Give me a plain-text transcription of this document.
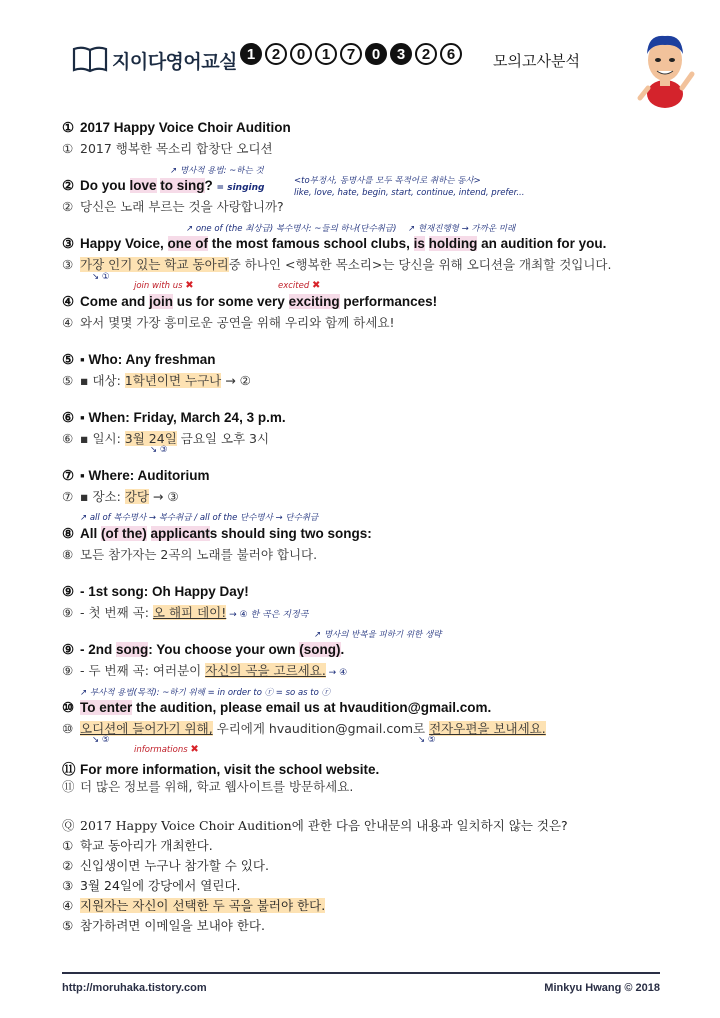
지이다영어교실 1	2	0	1	7	0	3	2	6	모의고사분석
① 2017 Happy Voice Choir Audition
① 2017 행복한 목소리 합창단 오디션
↗ 명사적 용법: ~하는 것
<to부정사, 동명사를 모두 목적어로 취하는 동사>
like, love, hate, begin, start, continue, intend, prefer...
② Do you love to sing? = singing
② 당신은 노래 부르는 것을 사랑합니까?
↗ one of (the 최상급) 복수명사: ~들의 하나(단수취급) ↗ 현재진행형 → 가까운 미래
③ Happy Voice, one of the most famous school clubs, is holding an audition for you.
③ 가장 인기 있는 학교 동아리중 하나인 <행복한 목소리>는 당신을 위해 오디션을 개최할 것입니다.
↘ ①
join with us ✖	excited ✖
④ Come and join us for some very exciting performances!
④ 와서 몇몇 가장 흥미로운 공연을 위해 우리와 함께 하세요!
⑤ ▪ Who: Any freshman
⑤ ▪ 대상: 1학년이면 누구나 → ②
⑥ ▪ When: Friday, March 24, 3 p.m.
⑥ ▪ 일시: 3월 24일 금요일 오후 3시
↘ ③
⑦ ▪ Where: Auditorium
⑦ ▪ 장소: 강당 → ③
↗ all of 복수명사 → 복수취급 / all of the 단수명사 → 단수취급
⑧ All (of the) applicants should sing two songs:
⑧ 모든 참가자는 2곡의 노래를 불러야 합니다.
⑨ - 1st song: Oh Happy Day!
⑨ - 첫 번째 곡: 오 해피 데이! → ④ 한 곡은 지정곡
↗ 명사의 반복을 피하기 위한 생략
⑨ - 2nd song: You choose your own (song).
⑨ - 두 번째 곡: 여러분이 자신의 곡을 고르세요. → ④
↗ 부사적 용법(목적): ~하기 위해 = in order to ⓡ = so as to ⓡ
⑩ To enter the audition, please email us at hvaudition@gmail.com.
⑩ 오디션에 들어가기 위해, 우리에게 hvaudition@gmail.com로 전자우편을 보내세요.
↘ ⑤	↘ ⑤
informations ✖
⑪ For more information, visit the school website.
⑪ 더 많은 정보를 위해, 학교 웹사이트를 방문하세요.
Ⓠ 2017 Happy Voice Choir Audition에 관한 다음 안내문의 내용과 일치하지 않는 것은?
① 학교 동아리가 개최한다.
② 신입생이면 누구나 참가할 수 있다.
③ 3월 24일에 강당에서 열린다.
④ 지원자는 자신이 선택한 두 곡을 불러야 한다.
⑤ 참가하려면 이메일을 보내야 한다.
http://moruhaka.tistory.com	Minkyu Hwang © 2018
